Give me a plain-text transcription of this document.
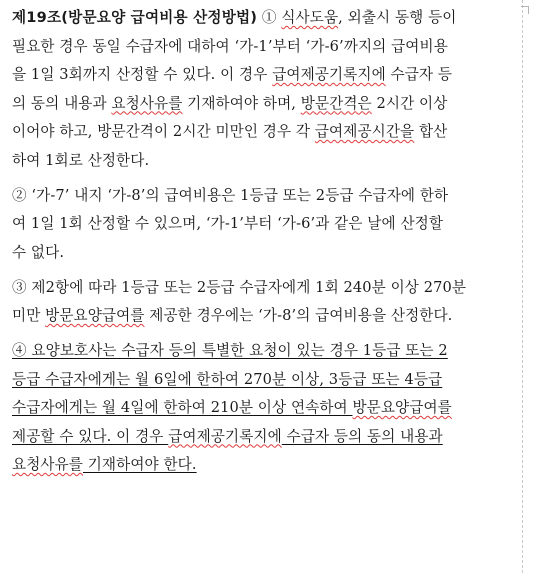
제19조(방문요양 급여비용 산정방법) ① 식사도움, 외출시 동행 등이
필요한 경우 동일 수급자에 대하여 ‘가-1’부터 ‘가-6’까지의 급여비용
을 1일 3회까지 산정할 수 있다. 이 경우 급여제공기록지에 수급자 등
의 동의 내용과 요청사유를 기재하여야 하며, 방문간격은 2시간 이상
이어야 하고, 방문간격이 2시간 미만인 경우 각 급여제공시간을 합산
하여 1회로 산정한다.
② ‘가-7’ 내지 ‘가-8’의 급여비용은 1등급 또는 2등급 수급자에 한하
여 1일 1회 산정할 수 있으며, ‘가-1’부터 ‘가-6’과 같은 날에 산정할
수 없다.
③ 제2항에 따라 1등급 또는 2등급 수급자에게 1회 240분 이상 270분
미만 방문요양급여를 제공한 경우에는 ‘가-8’의 급여비용을 산정한다.
④ 요양보호사는 수급자 등의 특별한 요청이 있는 경우 1등급 또는 2
등급 수급자에게는 월 6일에 한하여 270분 이상, 3등급 또는 4등급
수급자에게는 월 4일에 한하여 210분 이상 연속하여 방문요양급여를
제공할 수 있다. 이 경우 급여제공기록지에 수급자 등의 동의 내용과
요청사유를 기재하여야 한다.
